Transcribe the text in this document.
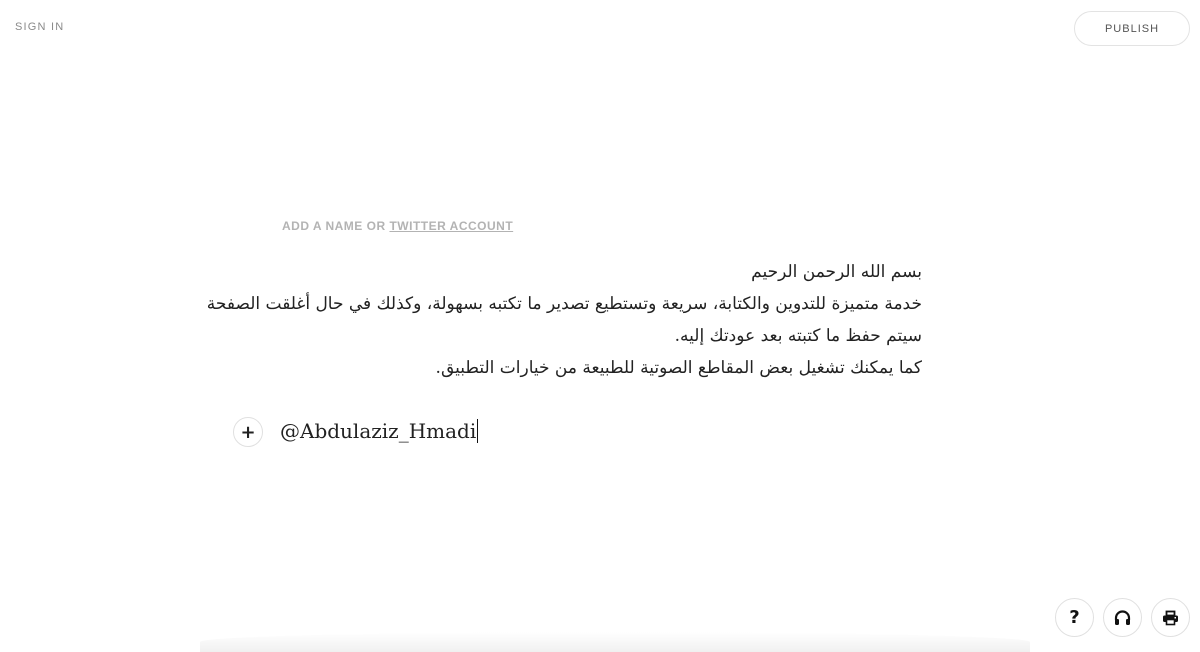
SIGN IN	PUBLISH
ADD A NAME OR TWITTER ACCOUNT
بسم الله الرحمن الرحيم
خدمة متميزة للتدوين والكتابة، سريعة وتستطيع تصدير ما تكتبه بسهولة، وكذلك في حال أغلقت الصفحة
سيتم حفظ ما كتبته بعد عودتك إليه.
كما يمكنك تشغيل بعض المقاطع الصوتية للطبيعة من خيارات التطبيق.
+ @Abdulaziz_Hmadi
?
